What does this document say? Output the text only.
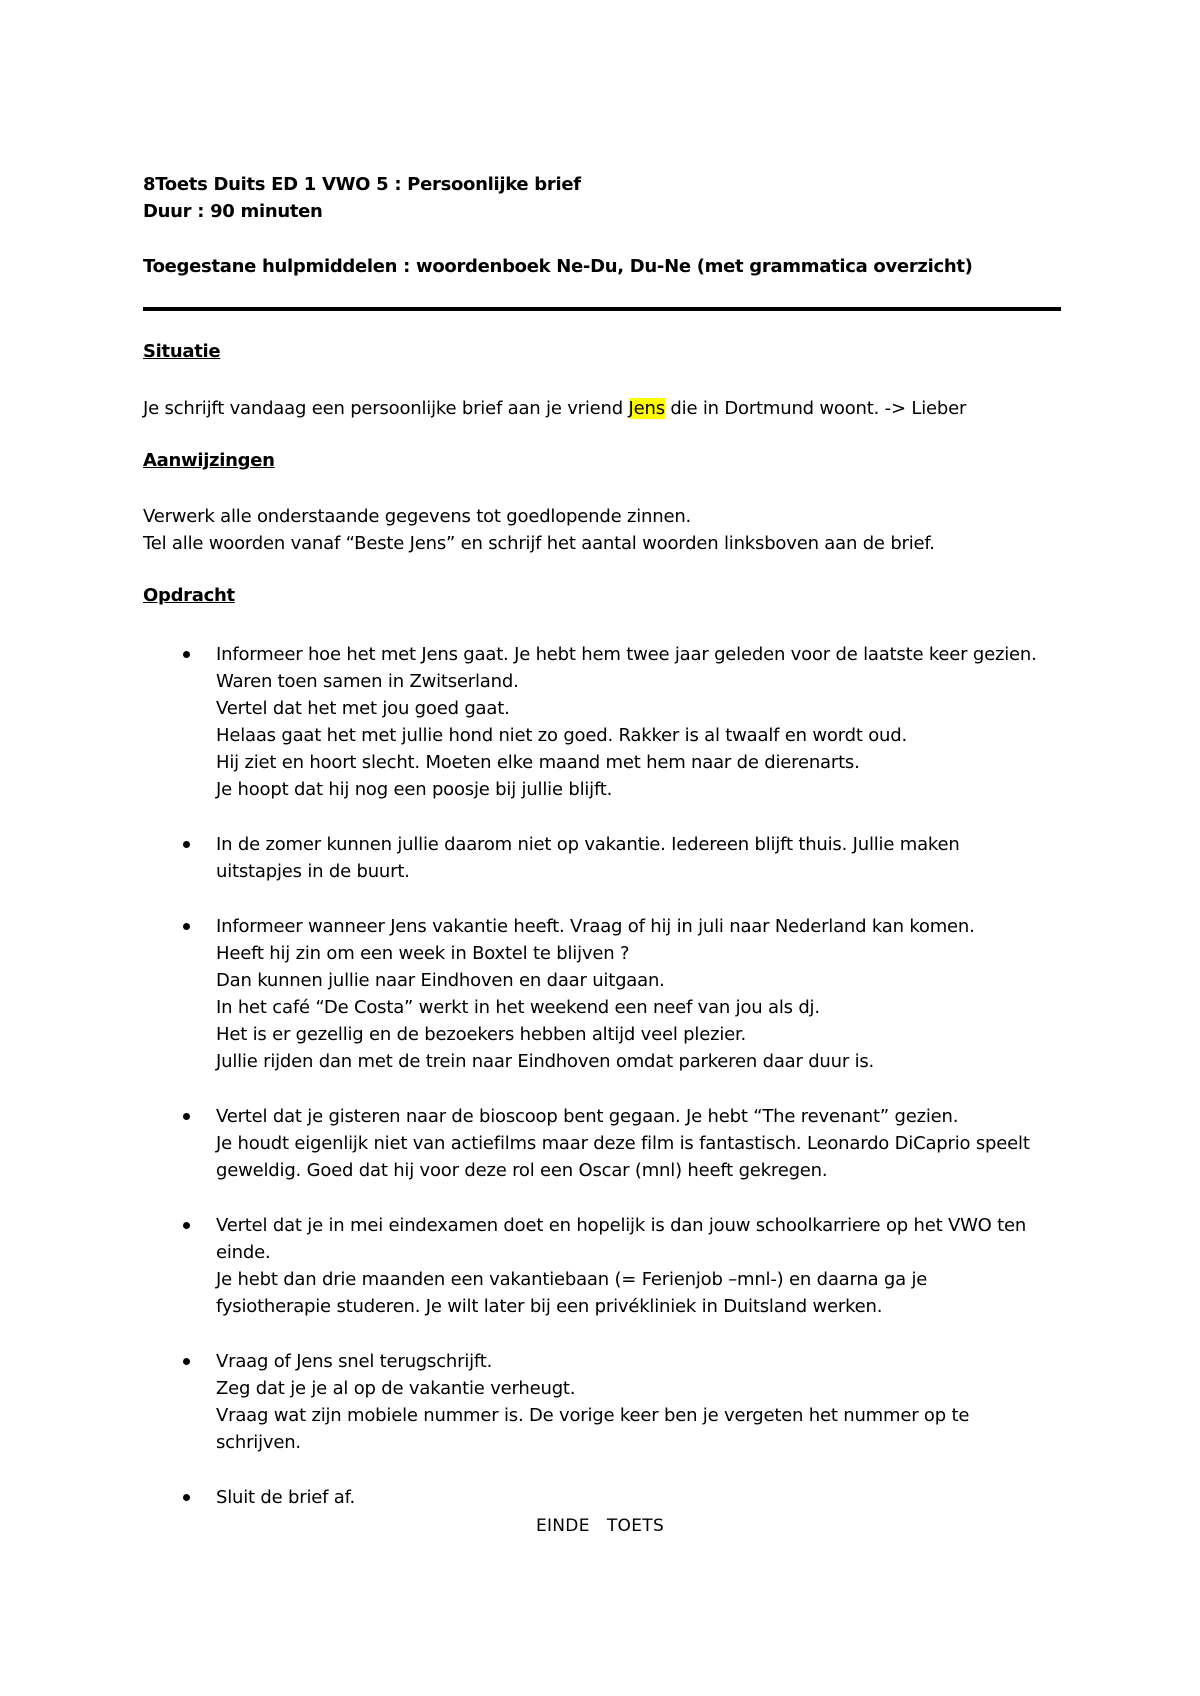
8Toets Duits ED 1 VWO 5 : Persoonlijke brief
Duur : 90 minuten
Toegestane hulpmiddelen : woordenboek Ne-Du, Du-Ne (met grammatica overzicht)
Situatie
Je schrijft vandaag een persoonlijke brief aan je vriend Jens die in Dortmund woont. -> Lieber
Aanwijzingen
Verwerk alle onderstaande gegevens tot goedlopende zinnen.
Tel alle woorden vanaf “Beste Jens” en schrijf het aantal woorden linksboven aan de brief.
Opdracht
Informeer hoe het met Jens gaat. Je hebt hem twee jaar geleden voor de laatste keer gezien.
Waren toen samen in Zwitserland.
Vertel dat het met jou goed gaat.
Helaas gaat het met jullie hond niet zo goed. Rakker is al twaalf en wordt oud.
Hij ziet en hoort slecht. Moeten elke maand met hem naar de dierenarts.
Je hoopt dat hij nog een poosje bij jullie blijft.
In de zomer kunnen jullie daarom niet op vakantie. Iedereen blijft thuis. Jullie maken
uitstapjes in de buurt.
Informeer wanneer Jens vakantie heeft. Vraag of hij in juli naar Nederland kan komen.
Heeft hij zin om een week in Boxtel te blijven ?
Dan kunnen jullie naar Eindhoven en daar uitgaan.
In het café “De Costa” werkt in het weekend een neef van jou als dj.
Het is er gezellig en de bezoekers hebben altijd veel plezier.
Jullie rijden dan met de trein naar Eindhoven omdat parkeren daar duur is.
Vertel dat je gisteren naar de bioscoop bent gegaan. Je hebt “The revenant” gezien.
Je houdt eigenlijk niet van actiefilms maar deze film is fantastisch. Leonardo DiCaprio speelt
geweldig. Goed dat hij voor deze rol een Oscar (mnl) heeft gekregen.
Vertel dat je in mei eindexamen doet en hopelijk is dan jouw schoolkarriere op het VWO ten
einde.
Je hebt dan drie maanden een vakantiebaan (= Ferienjob –mnl-) en daarna ga je
fysiotherapie studeren. Je wilt later bij een privékliniek in Duitsland werken.
Vraag of Jens snel terugschrijft.
Zeg dat je je al op de vakantie verheugt.
Vraag wat zijn mobiele nummer is. De vorige keer ben je vergeten het nummer op te
schrijven.
Sluit de brief af.
EINDE   TOETS
